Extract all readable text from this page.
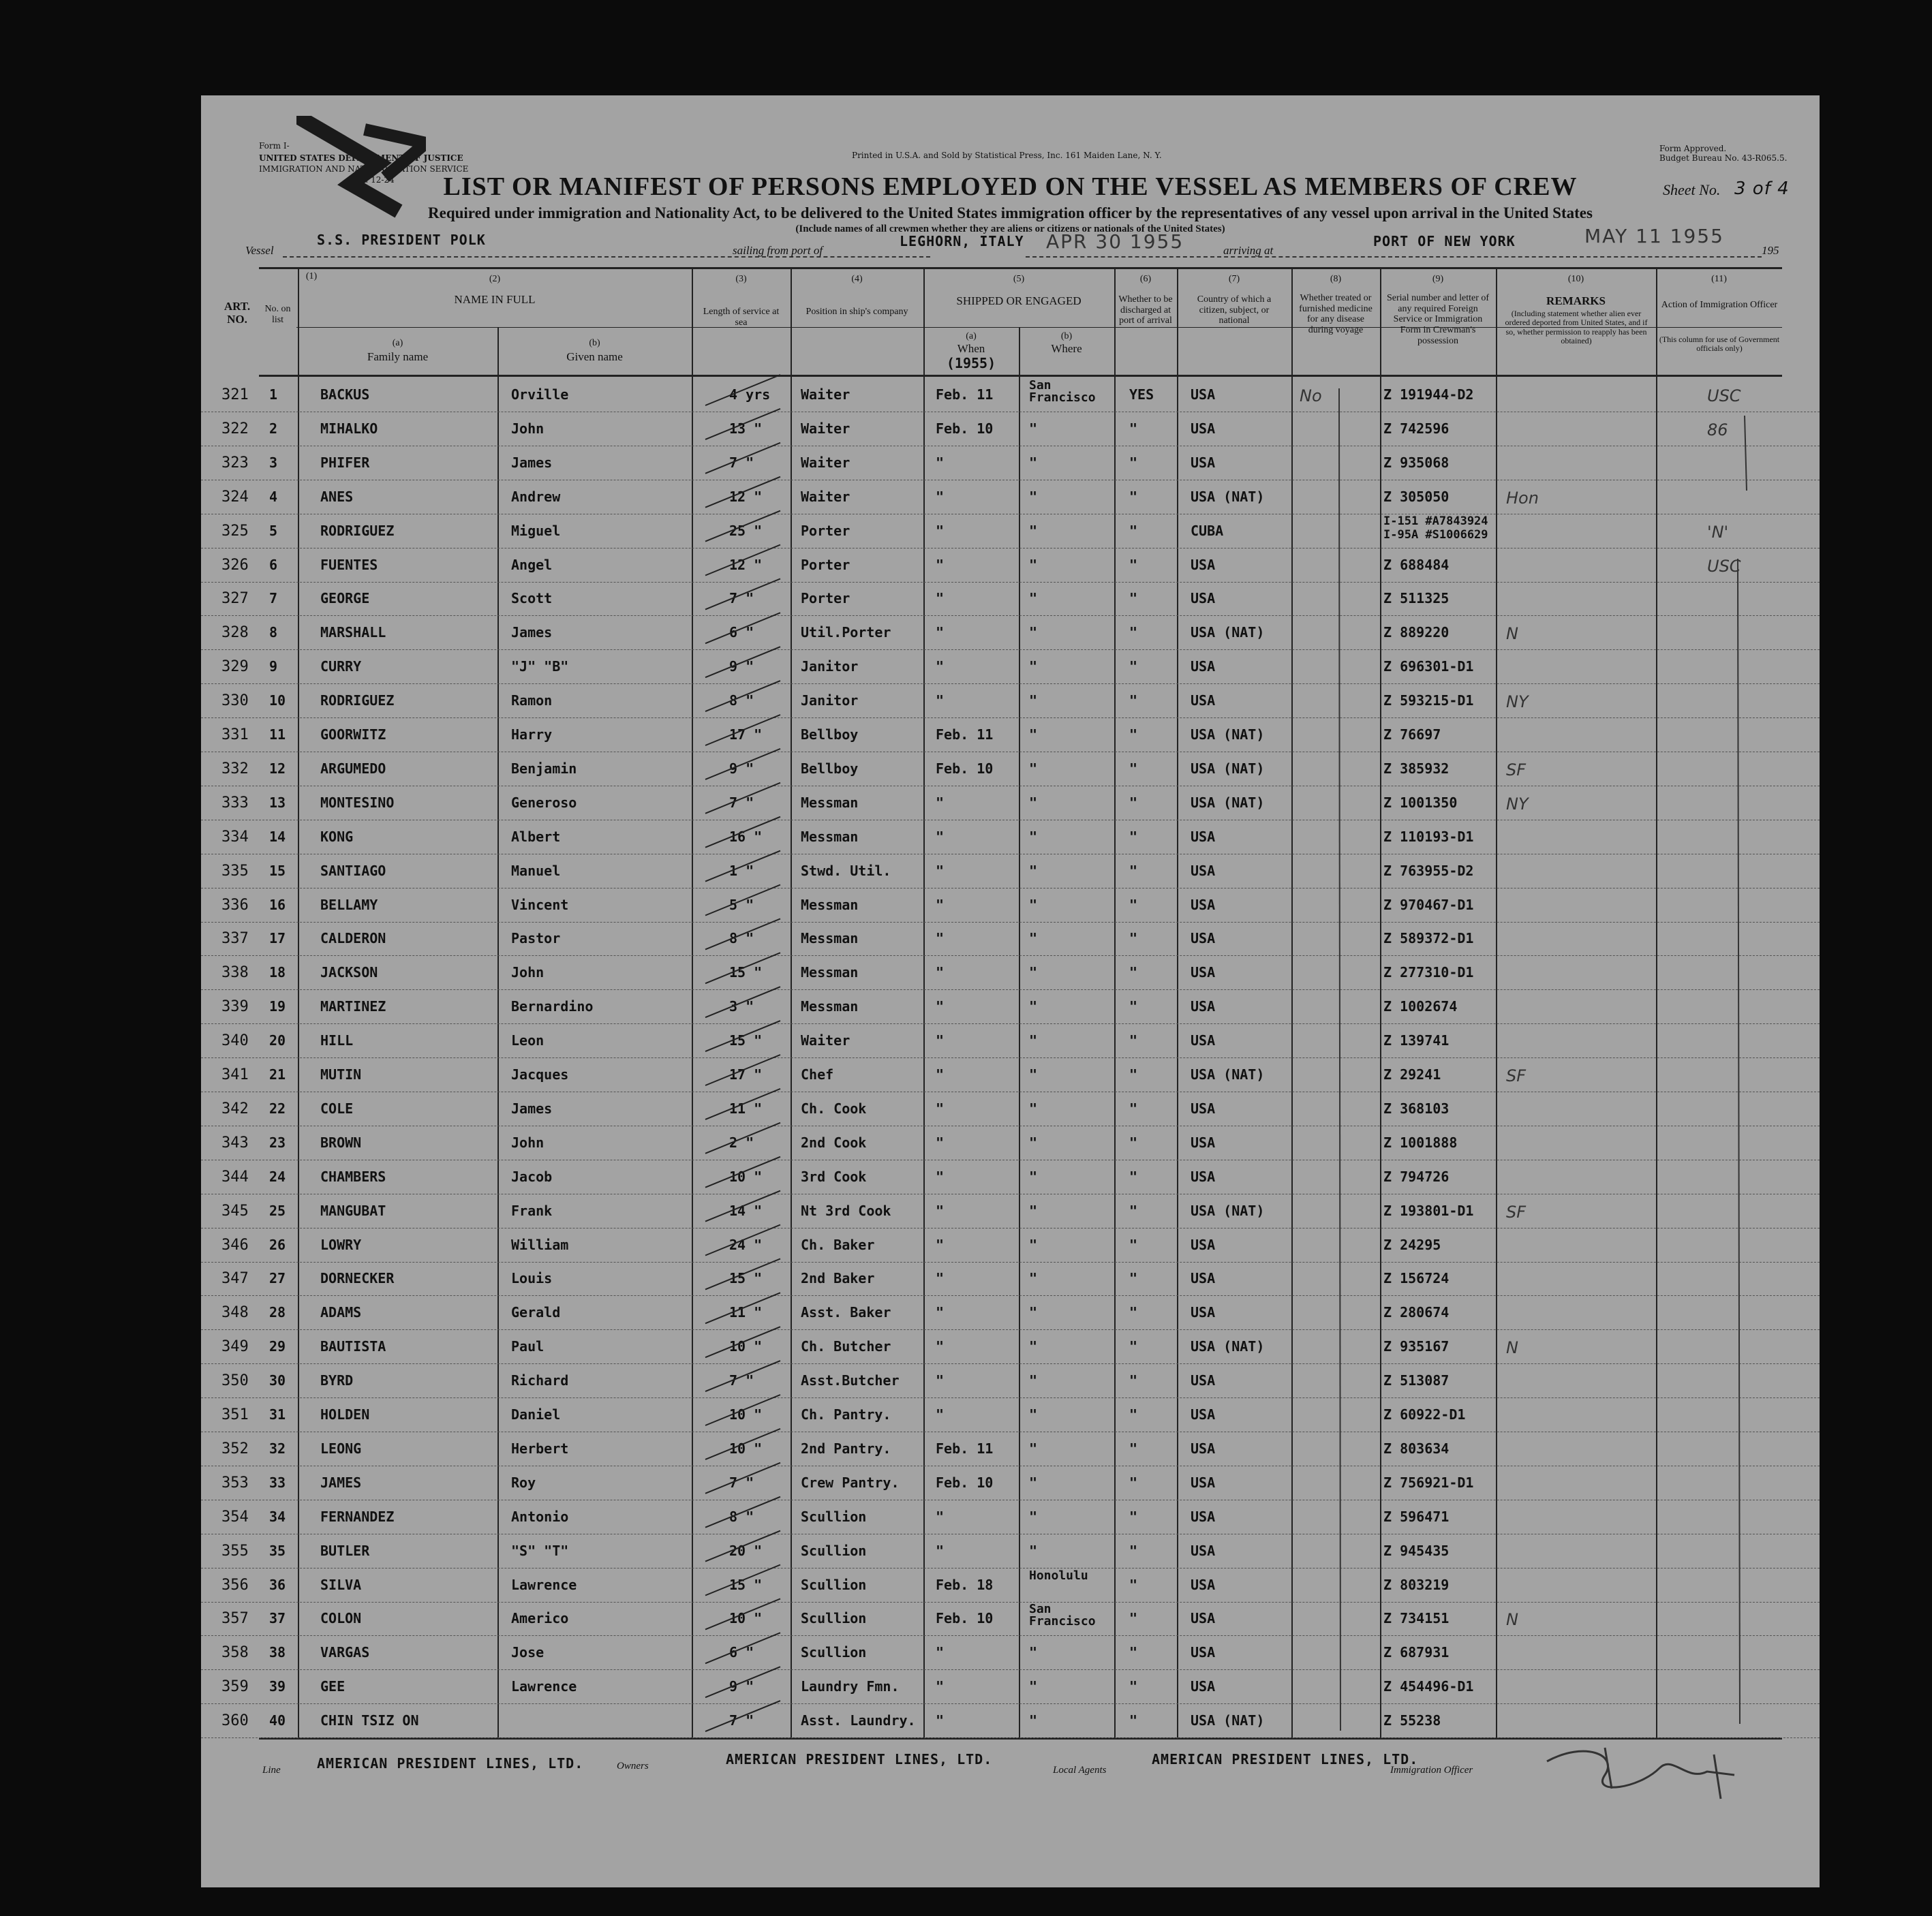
Form I-
UNITED STATES DEPARTMENT OF JUSTICE
IMMIGRATION AND NATURALIZATION SERVICE
Rev. 12-24
Printed in U.S.A. and Sold by Statistical Press, Inc. 161 Maiden Lane, N. Y.
Form Approved.
Budget Bureau No. 43-R065.5.
LIST OR MANIFEST OF PERSONS EMPLOYED ON THE VESSEL AS MEMBERS OF CREW	Sheet No. 3 of 4
Required under immigration and Nationality Act, to be delivered to the United States immigration officer by the representatives of any vessel upon arrival in the United States
(Include names of all crewmen whether they are aliens or citizens or nationals of the United States)
Vessel
S.S. PRESIDENT POLK
sailing from port of
LEGHORN, ITALY APR 30 1955	arriving at
PORT OF NEW YORK	MAY 11 1955
195
(1)
ART. NO.
No. on list
(2)
NAME IN FULL
(a)
Family name
(b)
Given name
(3)
Length of service at sea
(4)
Position in ship's company
(5)
SHIPPED OR ENGAGED
(a)
When
(1955)
(b)
Where
(6)
Whether to be discharged at port of arrival
(7)
Country of which a citizen, subject, or national
(8)
Whether treated or furnished medicine for any disease during voyage
(9)
Serial number and letter of any required Foreign Service or Immigration Form in Crewman's possession
(10)
REMARKS
(Including statement whether alien ever ordered deported from United States, and if so, whether permission to reapply has been obtained)
(11)
Action of Immigration Officer
(This column for use of Government officials only)
321 1	BACKUS	Orville	4 yrs Waiter	Feb. 11
San Francisco	YES	USA	No	Z 191944-D2	USC
322 2	MIHALKO	John	13 "	Waiter	Feb. 10	"	"	USA	Z 742596	86
323 3	PHIFER	James	7 "	Waiter	"	"	"	USA	Z 935068
324 4	ANES	Andrew	12 "	Waiter	"	"	"	USA (NAT)	Z 305050	Hon
325 5	RODRIGUEZ	Miguel	25 "	Porter	"	"	"	CUBA
I-151 #A7843924
I-95A #S1006629	'N'
326 6	FUENTES	Angel	12 "	Porter	"	"	"	USA	Z 688484	USC
327 7	GEORGE	Scott	7 "	Porter	"	"	"	USA	Z 511325
328 8	MARSHALL	James	6 "	Util.Porter	"	"	"	USA (NAT)	Z 889220	N
329 9	CURRY	"J" "B"	9 "	Janitor	"	"	"	USA	Z 696301-D1
330 10	RODRIGUEZ	Ramon	8 "	Janitor	"	"	"	USA	Z 593215-D1 NY
331 11	GOORWITZ	Harry	17 "	Bellboy	Feb. 11	"	"	USA (NAT)	Z 76697
332 12	ARGUMEDO	Benjamin	9 "	Bellboy	Feb. 10	"	"	USA (NAT)	Z 385932	SF
333 13	MONTESINO	Generoso	7 "	Messman	"	"	"	USA (NAT)	Z 1001350	NY
334 14	KONG	Albert	16 "	Messman	"	"	"	USA	Z 110193-D1
335 15	SANTIAGO	Manuel	1 "	Stwd. Util.	"	"	"	USA	Z 763955-D2
336 16	BELLAMY	Vincent	5 "	Messman	"	"	"	USA	Z 970467-D1
337 17	CALDERON	Pastor	8 "	Messman	"	"	"	USA	Z 589372-D1
338 18	JACKSON	John	15 "	Messman	"	"	"	USA	Z 277310-D1
339 19	MARTINEZ	Bernardino	3 "	Messman	"	"	"	USA	Z 1002674
340 20	HILL	Leon	15 "	Waiter	"	"	"	USA	Z 139741
341 21	MUTIN	Jacques	17 "	Chef	"	"	"	USA (NAT)	Z 29241	SF
342 22	COLE	James	11 "	Ch. Cook	"	"	"	USA	Z 368103
343 23	BROWN	John	2 "	2nd Cook	"	"	"	USA	Z 1001888
344 24	CHAMBERS	Jacob	10 "	3rd Cook	"	"	"	USA	Z 794726
345 25	MANGUBAT	Frank	14 "	Nt 3rd Cook	"	"	"	USA (NAT)	Z 193801-D1 SF
346 26	LOWRY	William	24 "	Ch. Baker	"	"	"	USA	Z 24295
347 27	DORNECKER	Louis	15 "	2nd Baker	"	"	"	USA	Z 156724
348 28	ADAMS	Gerald	11 "	Asst. Baker	"	"	"	USA	Z 280674
349 29	BAUTISTA	Paul	10 "	Ch. Butcher	"	"	"	USA (NAT)	Z 935167	N
350 30	BYRD	Richard	7 "	Asst.Butcher	"	"	"	USA	Z 513087
351 31	HOLDEN	Daniel	10 "	Ch. Pantry.	"	"	"	USA	Z 60922-D1
352 32	LEONG	Herbert	10 "	2nd Pantry.	Feb. 11	"	"	USA	Z 803634
353 33	JAMES	Roy	7 "	Crew Pantry.	Feb. 10	"	"	USA	Z 756921-D1
354 34	FERNANDEZ	Antonio	8 "	Scullion	"	"	"	USA	Z 596471
355 35	BUTLER	"S" "T"	20 "	Scullion	"	"	"	USA	Z 945435
356 36	SILVA	Lawrence	15 "	Scullion	Feb. 18
Honolulu
"	USA	Z 803219
357 37	COLON	Americo	10 "	Scullion	Feb. 10
San Francisco	"	USA	Z 734151	N
358 38	VARGAS	Jose	6 "	Scullion	"	"	"	USA	Z 687931
359 39	GEE	Lawrence	9 "	Laundry Fmn.	"	"	"	USA	Z 454496-D1
360 40	CHIN TSIZ ON	7 "	Asst. Laundry. "	"	"	USA (NAT)	Z 55238
Line	AMERICAN PRESIDENT LINES, LTD.	Owners	AMERICAN PRESIDENT LINES, LTD.
Local Agents
AMERICAN PRESIDENT LINES, LTD.
Immigration Officer
